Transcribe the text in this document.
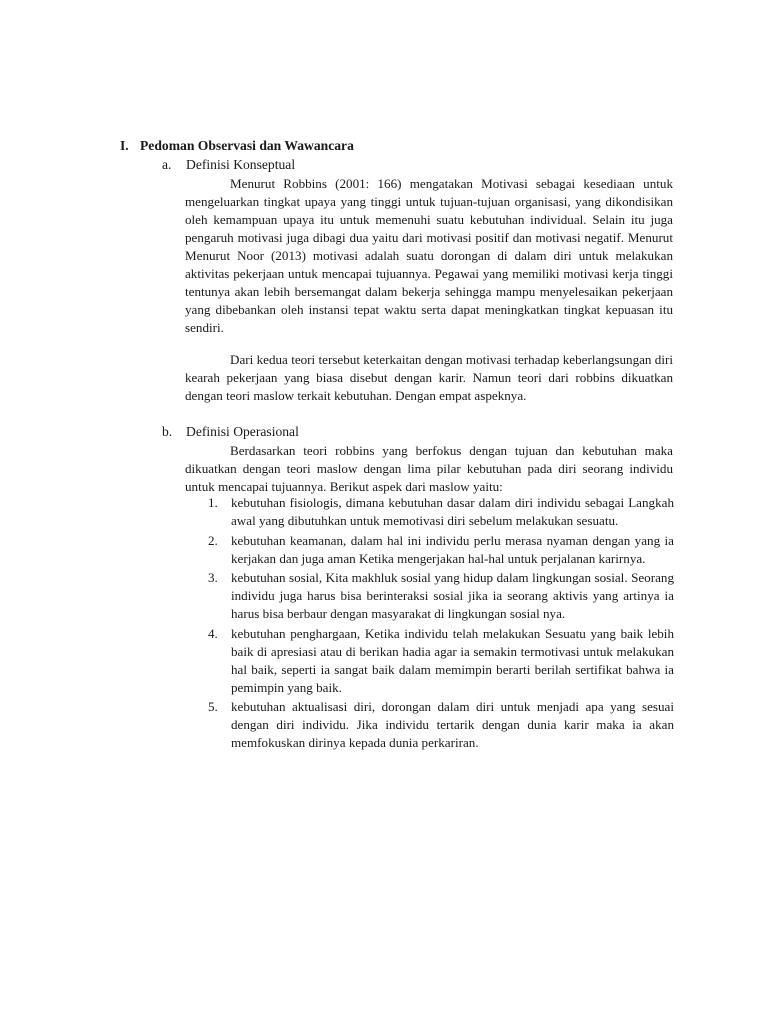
I. Pedoman Observasi dan Wawancara
a. Definisi Konseptual

Menurut Robbins (2001: 166) mengatakan Motivasi sebagai kesediaan untuk mengeluarkan tingkat upaya yang tinggi untuk tujuan-tujuan organisasi, yang dikondisikan oleh kemampuan upaya itu untuk memenuhi suatu kebutuhan individual. Selain itu juga pengaruh motivasi juga dibagi dua yaitu dari motivasi positif dan motivasi negatif. Menurut Menurut Noor (2013) motivasi adalah suatu dorongan di dalam diri untuk melakukan aktivitas pekerjaan untuk mencapai tujuannya. Pegawai yang memiliki motivasi kerja tinggi tentunya akan lebih bersemangat dalam bekerja sehingga mampu menyelesaikan pekerjaan yang dibebankan oleh instansi tepat waktu serta dapat meningkatkan tingkat kepuasan itu sendiri.

Dari kedua teori tersebut keterkaitan dengan motivasi terhadap keberlangsungan diri kearah pekerjaan yang biasa disebut dengan karir. Namun teori dari robbins dikuatkan dengan teori maslow terkait kebutuhan. Dengan empat aspeknya.

b. Definisi Operasional

Berdasarkan teori robbins yang berfokus dengan tujuan dan kebutuhan maka dikuatkan dengan teori maslow dengan lima pilar kebutuhan pada diri seorang individu untuk mencapai tujuannya. Berikut aspek dari maslow yaitu:

1. kebutuhan fisiologis, dimana kebutuhan dasar dalam diri individu sebagai Langkah awal yang dibutuhkan untuk memotivasi diri sebelum melakukan sesuatu.
2. kebutuhan keamanan, dalam hal ini individu perlu merasa nyaman dengan yang ia kerjakan dan juga aman Ketika mengerjakan hal-hal untuk perjalanan karirnya.
3. kebutuhan sosial, Kita makhluk sosial yang hidup dalam lingkungan sosial. Seorang individu juga harus bisa berinteraksi sosial jika ia seorang aktivis yang artinya ia harus bisa berbaur dengan masyarakat di lingkungan sosial nya.
4. kebutuhan penghargaan, Ketika individu telah melakukan Sesuatu yang baik lebih baik di apresiasi atau di berikan hadia agar ia semakin termotivasi untuk melakukan hal baik, seperti ia sangat baik dalam memimpin berarti berilah sertifikat bahwa ia pemimpin yang baik.
5. kebutuhan aktualisasi diri, dorongan dalam diri untuk menjadi apa yang sesuai dengan diri individu. Jika individu tertarik dengan dunia karir maka ia akan memfokuskan dirinya kepada dunia perkariran.
